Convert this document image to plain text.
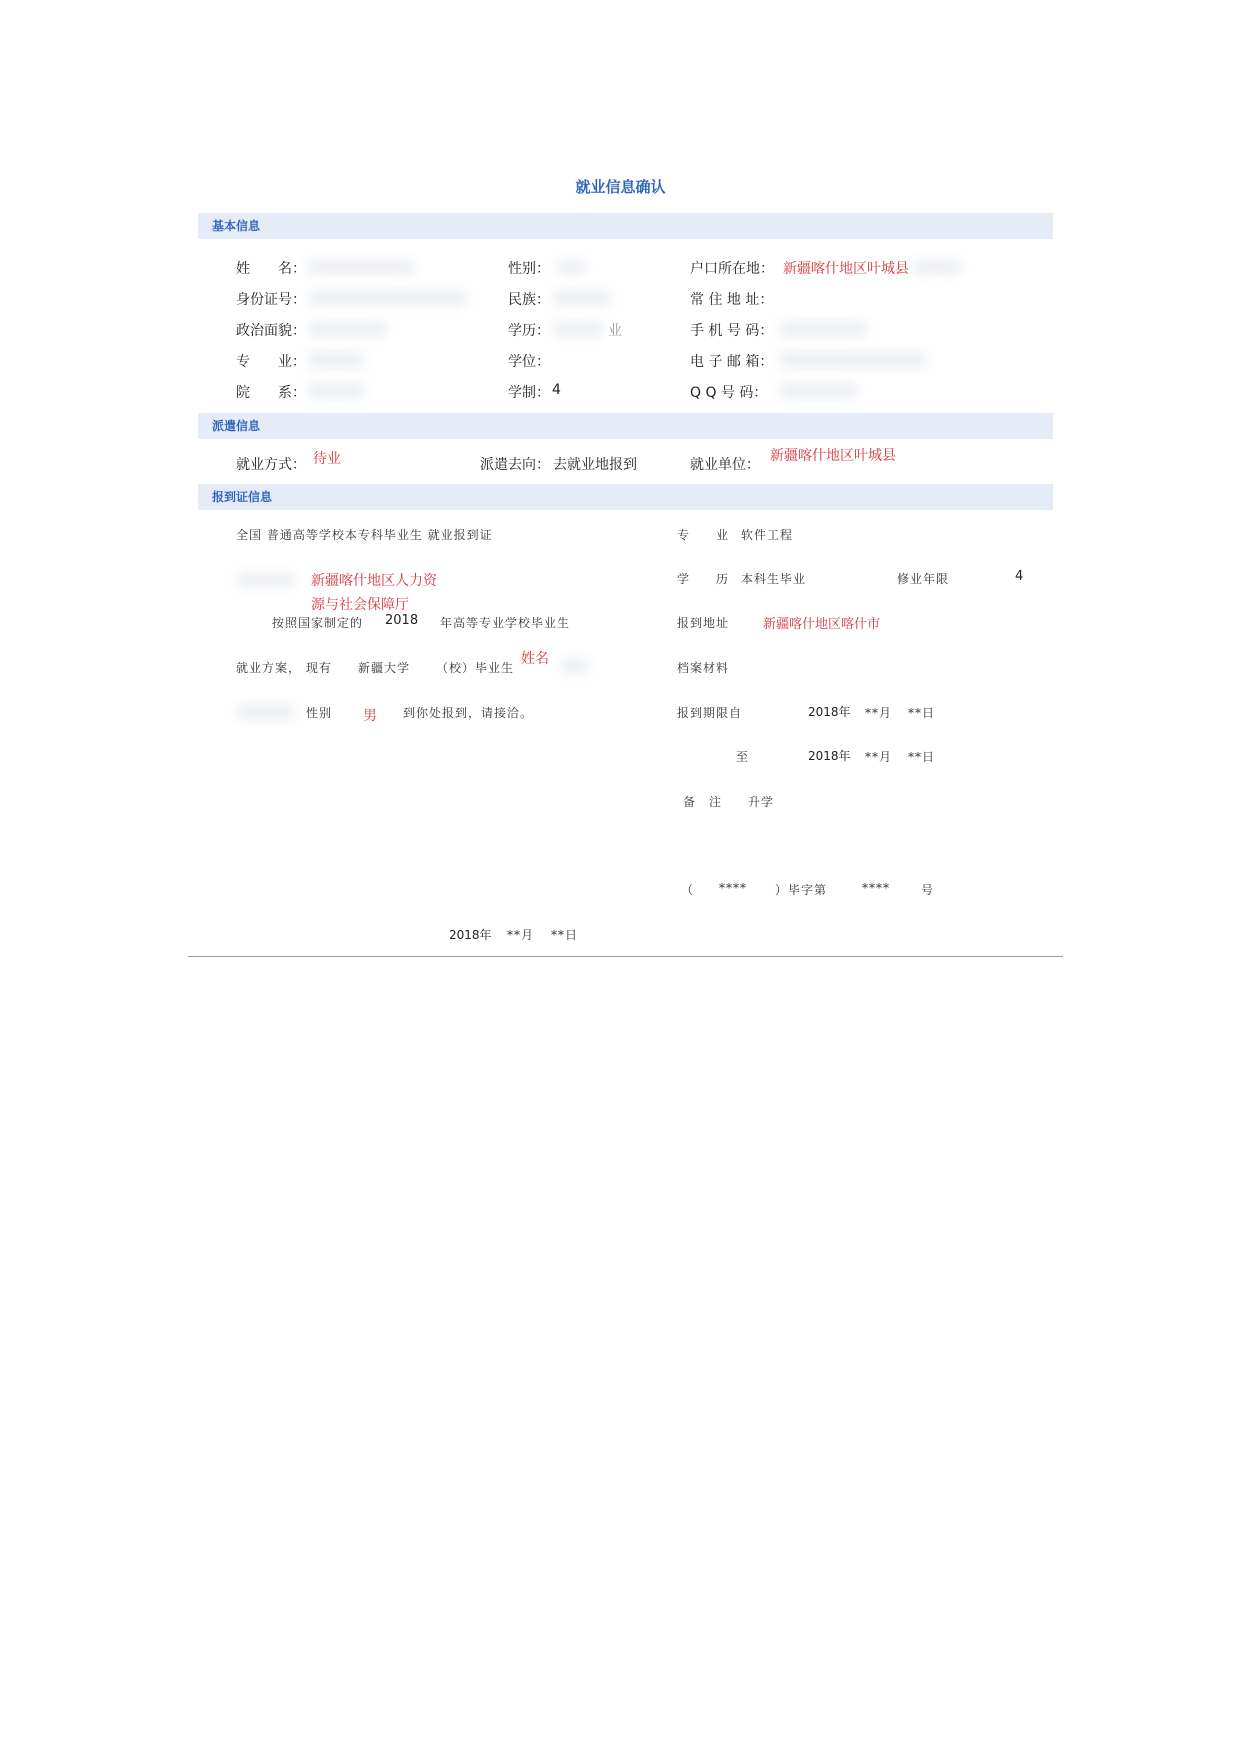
就业信息确认
基本信息
姓　　名：	性别：	户口所在地： 新疆喀什地区叶城县
身份证号：	民族：	常 住 地 址：
政治面貌：	学历：	业	手 机 号 码：
专　　业：	学位：	电 子 邮 箱：
院　　系：	学制： 4	Q Q 号 码：
派遣信息
就业方式： 待业	派遣去向： 去就业地报到	就业单位：
新疆喀什地区叶城县
报到证信息
全国 普通高等学校本专科毕业生 就业报到证
新疆喀什地区人力资
源与社会保障厅
按照国家制定的 2018 年高等专业学校毕业生
就业方案， 现有 新疆大学 （校）毕业生
姓名
性别 男 到你处报到，请接洽。
2018年 **月 **日
专　　业 软件工程
学　　历 本科生毕业	修业年限	4
报到地址	新疆喀什地区喀什市
档案材料
报到期限自	2018年 **月 **日
至	2018年 **月 **日
备　注 升学
（ **** ）毕字第	****	号
